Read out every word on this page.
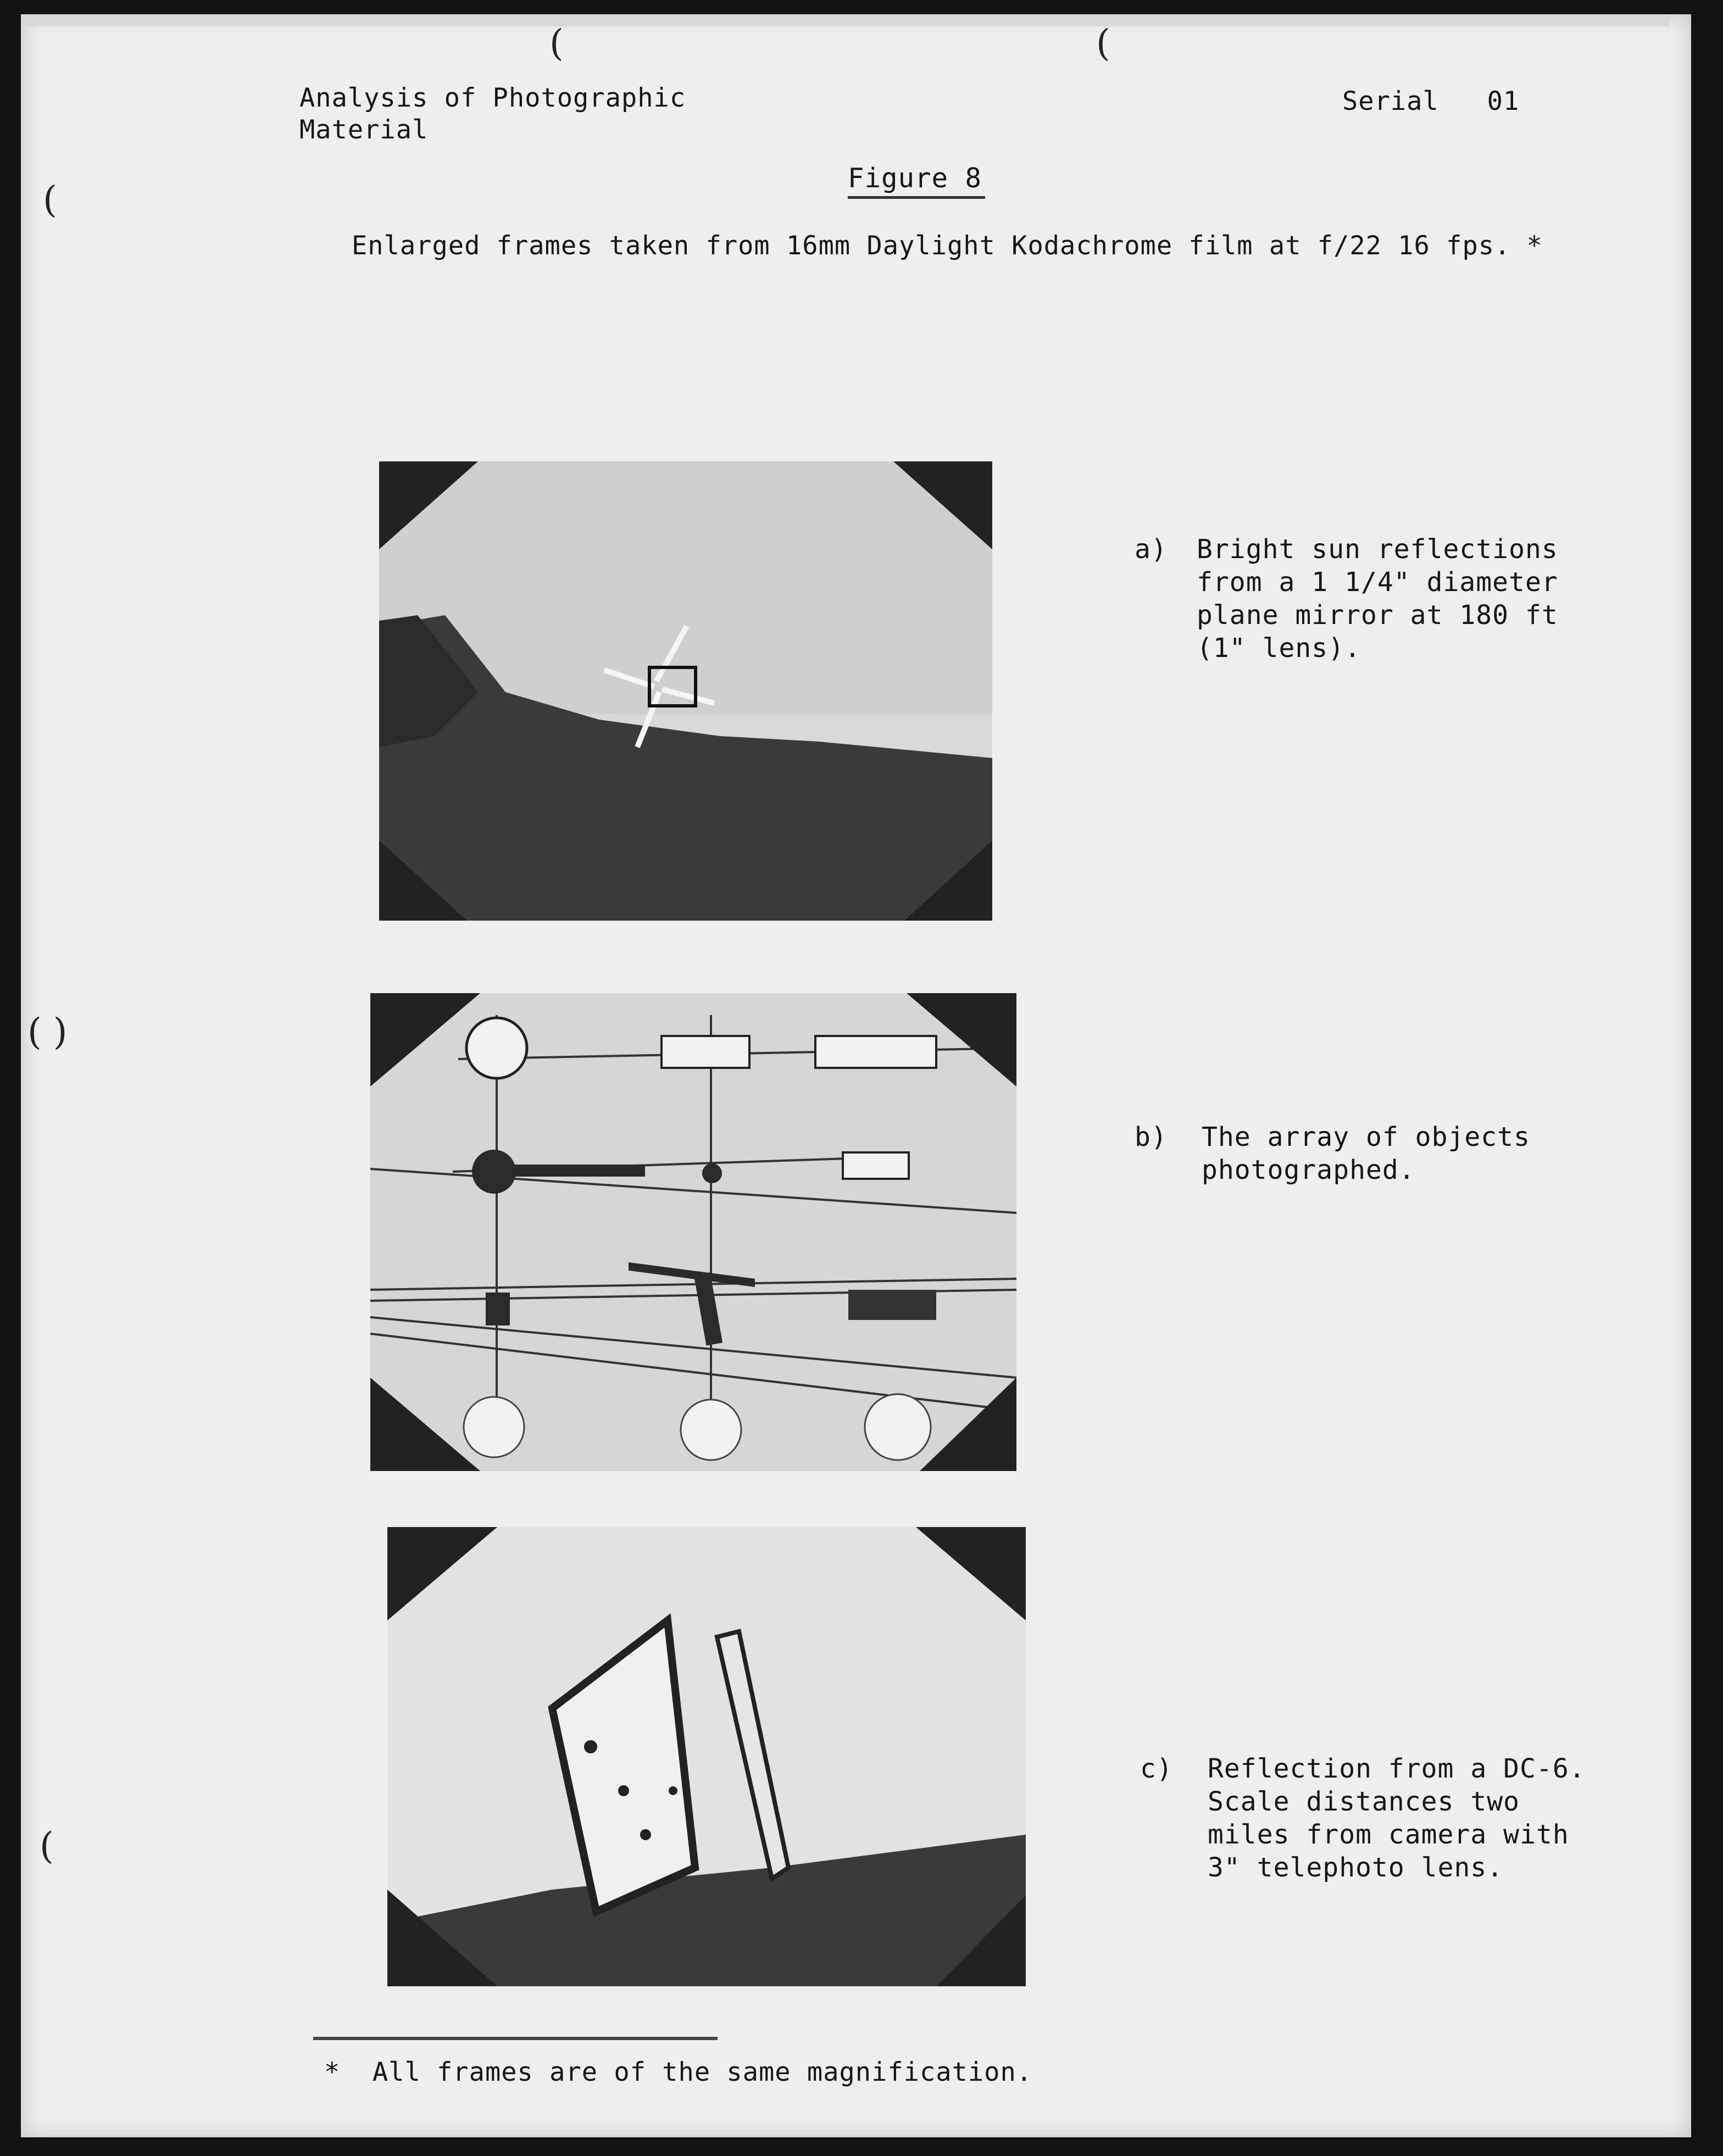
(	(
(
( )
(
Analysis of Photographic
Material
Serial   01
Figure 8
Enlarged frames taken from 16mm Daylight Kodachrome film at f/22 16 fps. *
a) Bright sun reflections
from a 1 1/4" diameter
plane mirror at 180 ft
(1" lens).
b) The array of objects
photographed.
c) Reflection from a DC-6.
Scale distances two
miles from camera with
3" telephoto lens.
*  All frames are of the same magnification.
